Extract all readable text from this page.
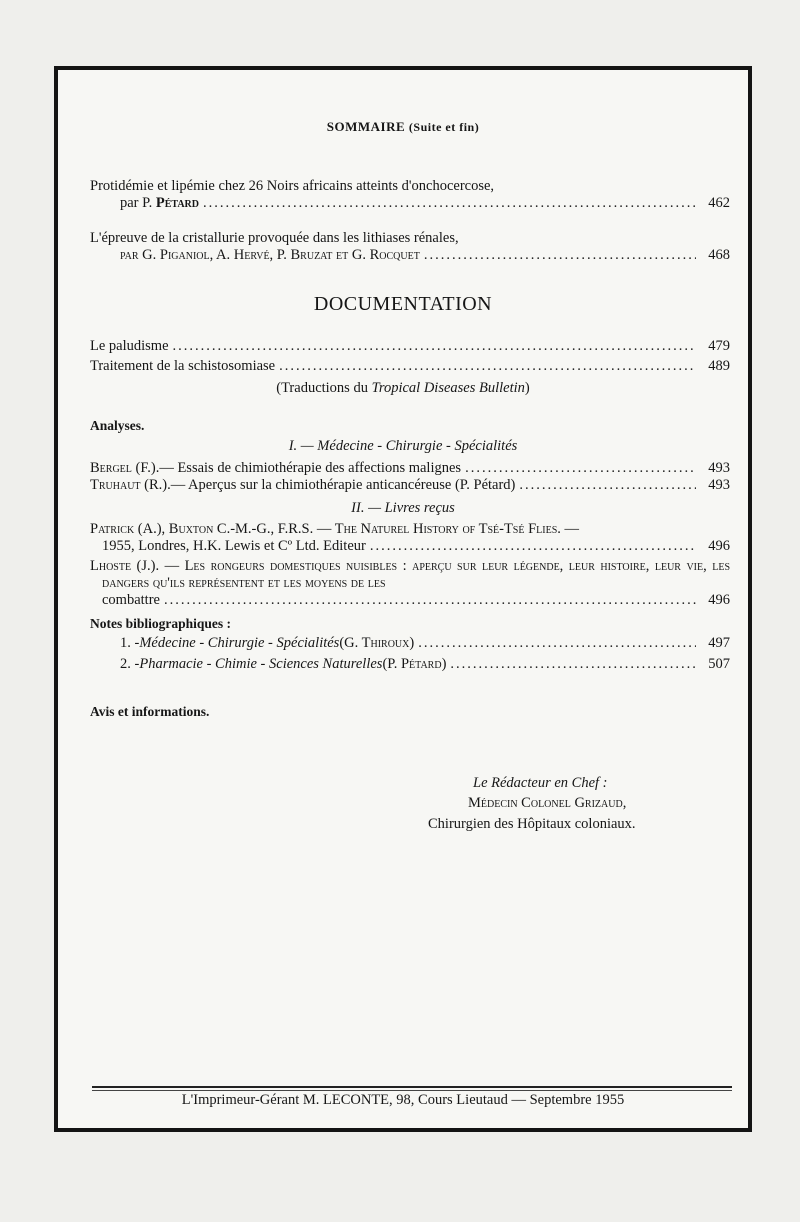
SOMMAIRE (Suite et fin)
Protidémie et lipémie chez 26 Noirs africains atteints d'onchocercose,
par P.
Pétard .....	462
L'épreuve de la cristallurie provoquée dans les lithiases rénales,
par G. Piganiol, A. Hervé, P. Bruzat et G. Rocquet .....	468
DOCUMENTATION
Le paludisme .....	479
Traitement de la schistosomiase .....	489
(Traductions du Tropical Diseases Bulletin)
Analyses.
I. — Médecine - Chirurgie - Spécialités
Bergel (F.). — Essais de chimiothérapie des affections malignes .....	493
Truhaut (R.). — Aperçus sur la chimiothérapie anticancéreuse (P. Pétard) .....	493
II. — Livres reçus
Patrick (A.), Buxton C.-M.-G., F.R.S. — The Naturel History of Tsé-Tsé Flies. —
1955, Londres, H.K. Lewis et Cº Ltd. Editeur .....	496
Lhoste (J.). — Les rongeurs domestiques nuisibles : aperçu sur leur légende, leur histoire, leur vie, les dangers qu'ils représentent et les moyens de les
combattre .....	496
Notes bibliographiques :
1. - Médecine - Chirurgie - Spécialités (G. Thiroux) .....	497
2. - Pharmacie - Chimie - Sciences Naturelles (P. Pétard) .....	507
Avis et informations.
Le Rédacteur en Chef :
Médecin Colonel Grizaud,
Chirurgien des Hôpitaux coloniaux.
L'Imprimeur-Gérant M. LECONTE, 98, Cours Lieutaud — Septembre 1955
